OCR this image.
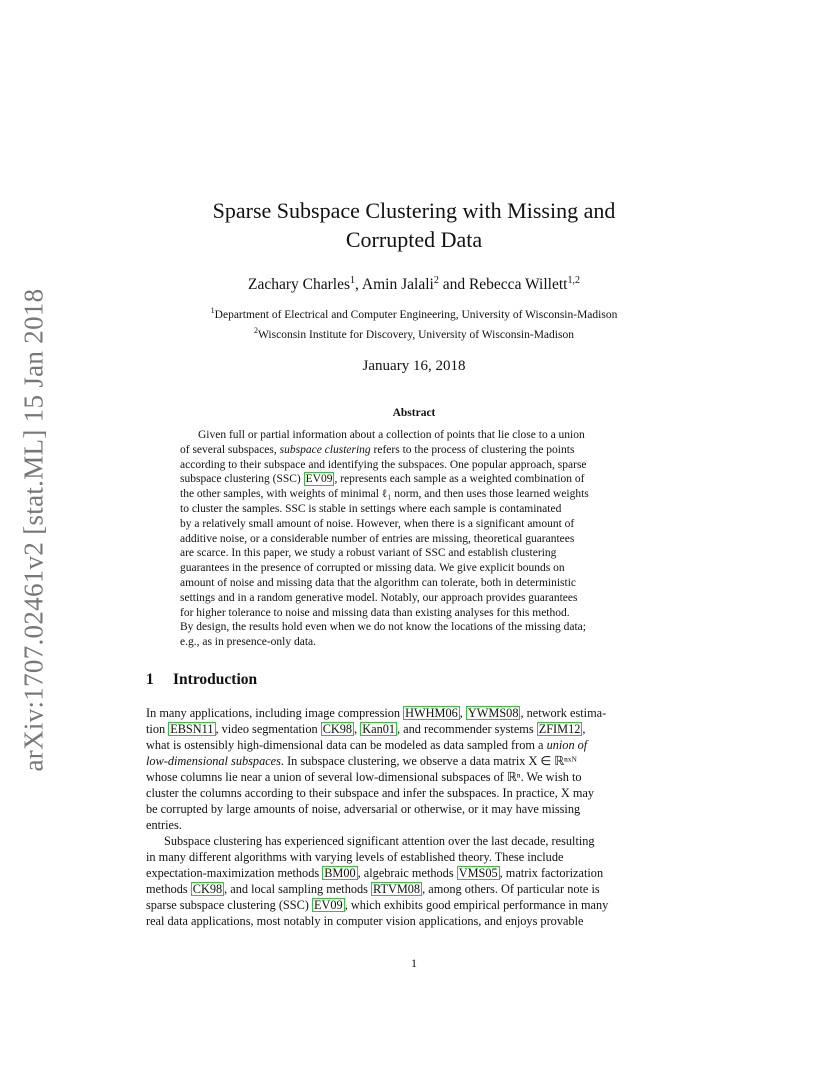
arXiv:1707.02461v2 [stat.ML] 15 Jan 2018
Sparse Subspace Clustering with Missing and
Corrupted Data
Zachary Charles$^1$, Amin Jalali$^2$ and Rebecca Willett$^{1,2}$
$^1$Department of Electrical and Computer Engineering, University of Wisconsin-Madison
$^2$Wisconsin Institute for Discovery, University of Wisconsin-Madison
January 16, 2018
Abstract
Given full or partial information about a collection of points that lie close to a union
of several subspaces, subspace clustering refers to the process of clustering the points
according to their subspace and identifying the subspaces. One popular approach, sparse
subspace clustering (SSC) EV09 , represents each sample as a weighted combination of
the other samples, with weights of minimal ℓ₁ norm, and then uses those learned weights
to cluster the samples. SSC is stable in settings where each sample is contaminated
by a relatively small amount of noise. However, when there is a significant amount of
additive noise, or a considerable number of entries are missing, theoretical guarantees
are scarce. In this paper, we study a robust variant of SSC and establish clustering
guarantees in the presence of corrupted or missing data. We give explicit bounds on
amount of noise and missing data that the algorithm can tolerate, both in deterministic
settings and in a random generative model. Notably, our approach provides guarantees
for higher tolerance to noise and missing data than existing analyses for this method.
By design, the results hold even when we do not know the locations of the missing data;
e.g., as in presence-only data.
1 Introduction
In many applications, including image compression HWHM06 , YWMS08 , network estima-
tion EBSN11 , video segmentation CK98 , Kan01 , and recommender systems ZFIM12 ,
what is ostensibly high-dimensional data can be modeled as data sampled from a union of
low-dimensional subspaces. In subspace clustering, we observe a data matrix X ∈ ℝⁿˣᴺ
whose columns lie near a union of several low-dimensional subspaces of ℝⁿ. We wish to
cluster the columns according to their subspace and infer the subspaces. In practice, X may
be corrupted by large amounts of noise, adversarial or otherwise, or it may have missing
entries.
Subspace clustering has experienced significant attention over the last decade, resulting
in many different algorithms with varying levels of established theory. These include
expectation-maximization methods BM00 , algebraic methods VMS05 , matrix factorization
methods CK98 , and local sampling methods RTVM08 , among others. Of particular note is
sparse subspace clustering (SSC) EV09 , which exhibits good empirical performance in many
real data applications, most notably in computer vision applications, and enjoys provable
1
